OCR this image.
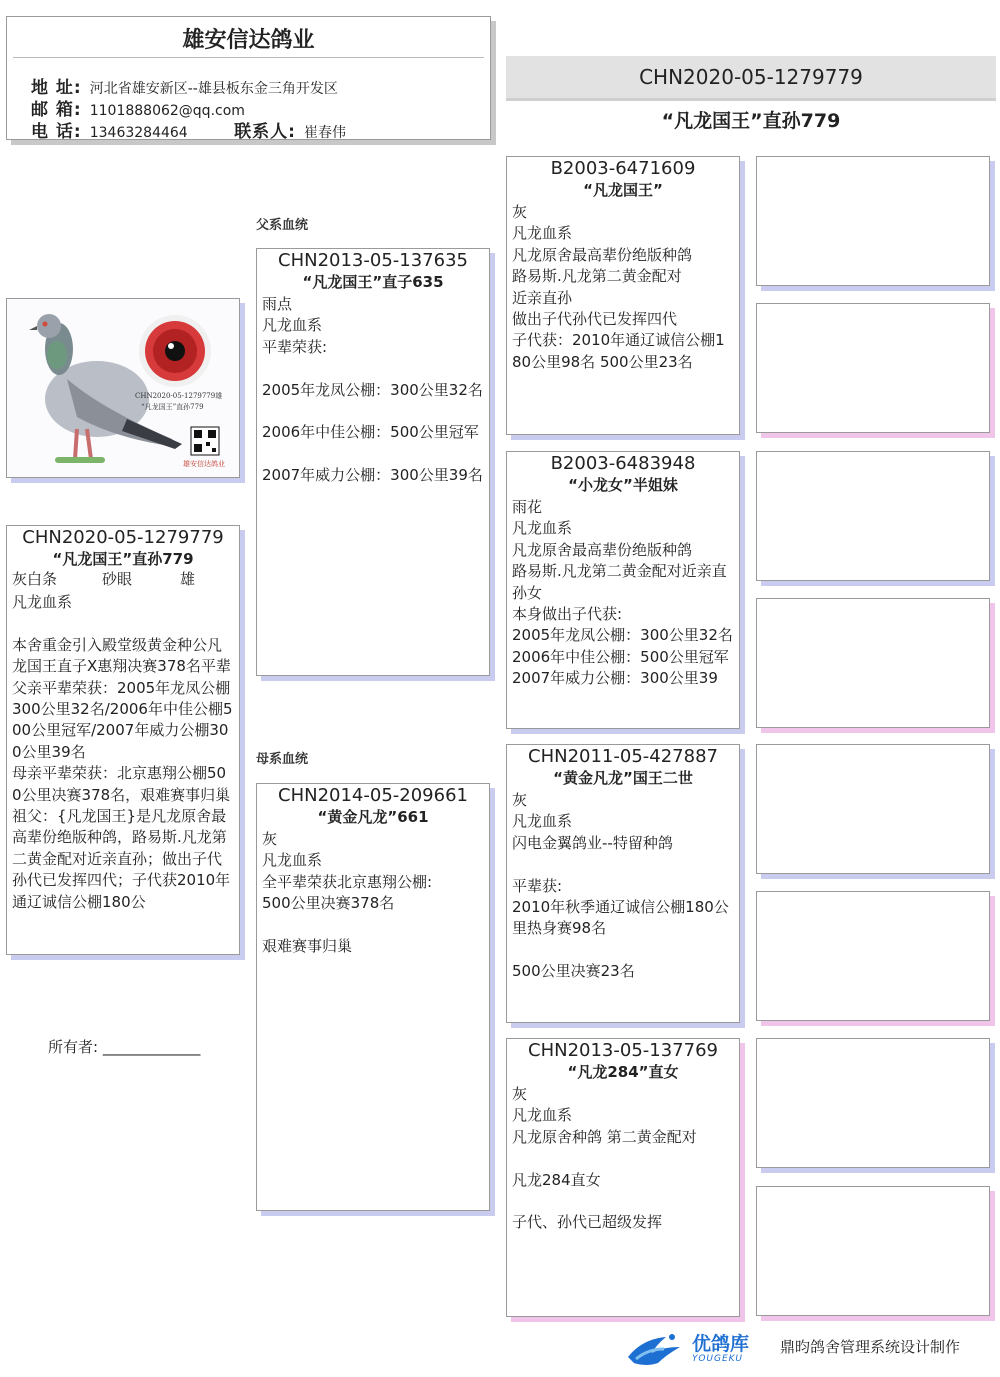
雄安信达鸽业
地 址: 河北省雄安新区--雄县板东金三角开发区
邮 箱: 1101888062@qq.com
电 话: 13463284464	联系人: 崔春伟
CHN2020-05-1279779
“凡龙国王”直孙779
父系血统
母系血统
CHN2020-05-1279779雄
“凡龙国王”直孙779
雄安信达鸽业
CHN2020-05-1279779
“凡龙国王”直孙779
灰白条	砂眼	雄
凡龙血系

本舍重金引入殿堂级黄金种公凡龙国王直子X惠翔决赛378名平辈
父亲平辈荣获：2005年龙凤公棚300公里32名/2006年中佳公棚500公里冠军/2007年威力公棚300公里39名
母亲平辈荣获：北京惠翔公棚500公里决赛378名，艰难赛事归巢
祖父：{凡龙国王}是凡龙原舍最高辈份绝版种鸽，路易斯.凡龙第二黄金配对近亲直孙；做出子代孙代已发挥四代；子代获2010年通辽诚信公棚180公
所有者: _____________
CHN2013-05-137635
“凡龙国王”直子635
雨点
凡龙血系
平辈荣获:

2005年龙凤公棚：300公里32名

2006年中佳公棚：500公里冠军

2007年威力公棚：300公里39名
CHN2014-05-209661
“黄金凡龙”661
灰
凡龙血系
全平辈荣获北京惠翔公棚:
500公里决赛378名

艰难赛事归巢
B2003-6471609
“凡龙国王”
灰
凡龙血系
凡龙原舍最高辈份绝版种鸽
路易斯.凡龙第二黄金配对
近亲直孙
做出子代孙代已发挥四代
子代获：2010年通辽诚信公棚180公里98名 500公里23名
B2003-6483948
“小龙女”半姐妹
雨花
凡龙血系
凡龙原舍最高辈份绝版种鸽
路易斯.凡龙第二黄金配对近亲直孙女
本身做出子代获:
2005年龙凤公棚：300公里32名
2006年中佳公棚：500公里冠军
2007年威力公棚：300公里39
CHN2011-05-427887
“黄金凡龙”国王二世
灰
凡龙血系
闪电金翼鸽业--特留种鸽

平辈获:
2010年秋季通辽诚信公棚180公里热身赛98名

500公里决赛23名
CHN2013-05-137769
“凡龙284”直女
灰
凡龙血系
凡龙原舍种鸽 第二黄金配对

凡龙284直女

子代、孙代已超级发挥
优鸽库
YOUGEKU
鼎昀鸽舍管理系统设计制作
